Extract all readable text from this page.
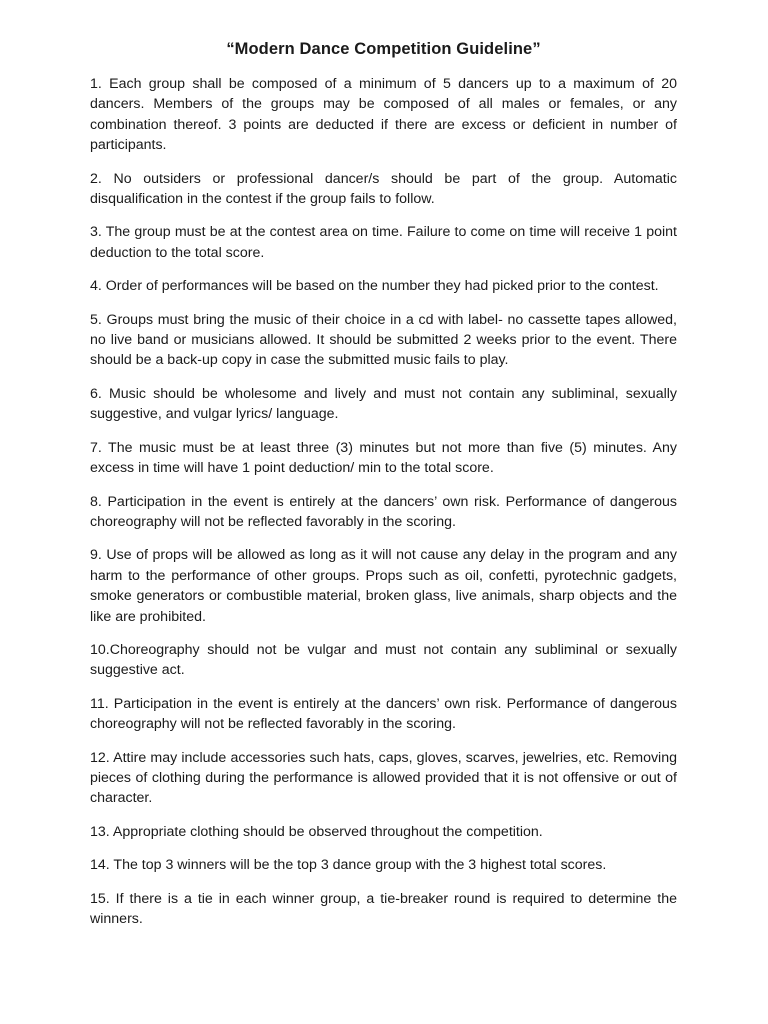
“Modern Dance Competition Guideline”
1. Each group shall be composed of a minimum of 5 dancers up to a maximum of 20 dancers. Members of the groups may be composed of all males or females, or any combination thereof. 3 points are deducted if there are excess or deficient in number of participants.
2. No outsiders or professional dancer/s should be part of the group. Automatic disqualification in the contest if the group fails to follow.
3. The group must be at the contest area on time. Failure to come on time will receive 1 point deduction to the total score.
4. Order of performances will be based on the number they had picked prior to the contest.
5. Groups must bring the music of their choice in a cd with label- no cassette tapes allowed, no live band or musicians allowed. It should be submitted 2 weeks prior to the event. There should be a back-up copy in case the submitted music fails to play.
6. Music should be wholesome and lively and must not contain any subliminal, sexually suggestive, and vulgar lyrics/ language.
7. The music must be at least three (3) minutes but not more than five (5) minutes. Any excess in time will have 1 point deduction/ min to the total score.
8. Participation in the event is entirely at the dancers’ own risk. Performance of dangerous choreography will not be reflected favorably in the scoring.
9. Use of props will be allowed as long as it will not cause any delay in the program and any harm to the performance of other groups. Props such as oil, confetti, pyrotechnic gadgets, smoke generators or combustible material, broken glass, live animals, sharp objects and the like are prohibited.
10.Choreography should not be vulgar and must not contain any subliminal or sexually suggestive act.
11. Participation in the event is entirely at the dancers’ own risk. Performance of dangerous choreography will not be reflected favorably in the scoring.
12. Attire may include accessories such hats, caps, gloves, scarves, jewelries, etc. Removing pieces of clothing during the performance is allowed provided that it is not offensive or out of character.
13. Appropriate clothing should be observed throughout the competition.
14. The top 3 winners will be the top 3 dance group with the 3 highest total scores.
15. If there is a tie in each winner group, a tie-breaker round is required to determine the winners.
